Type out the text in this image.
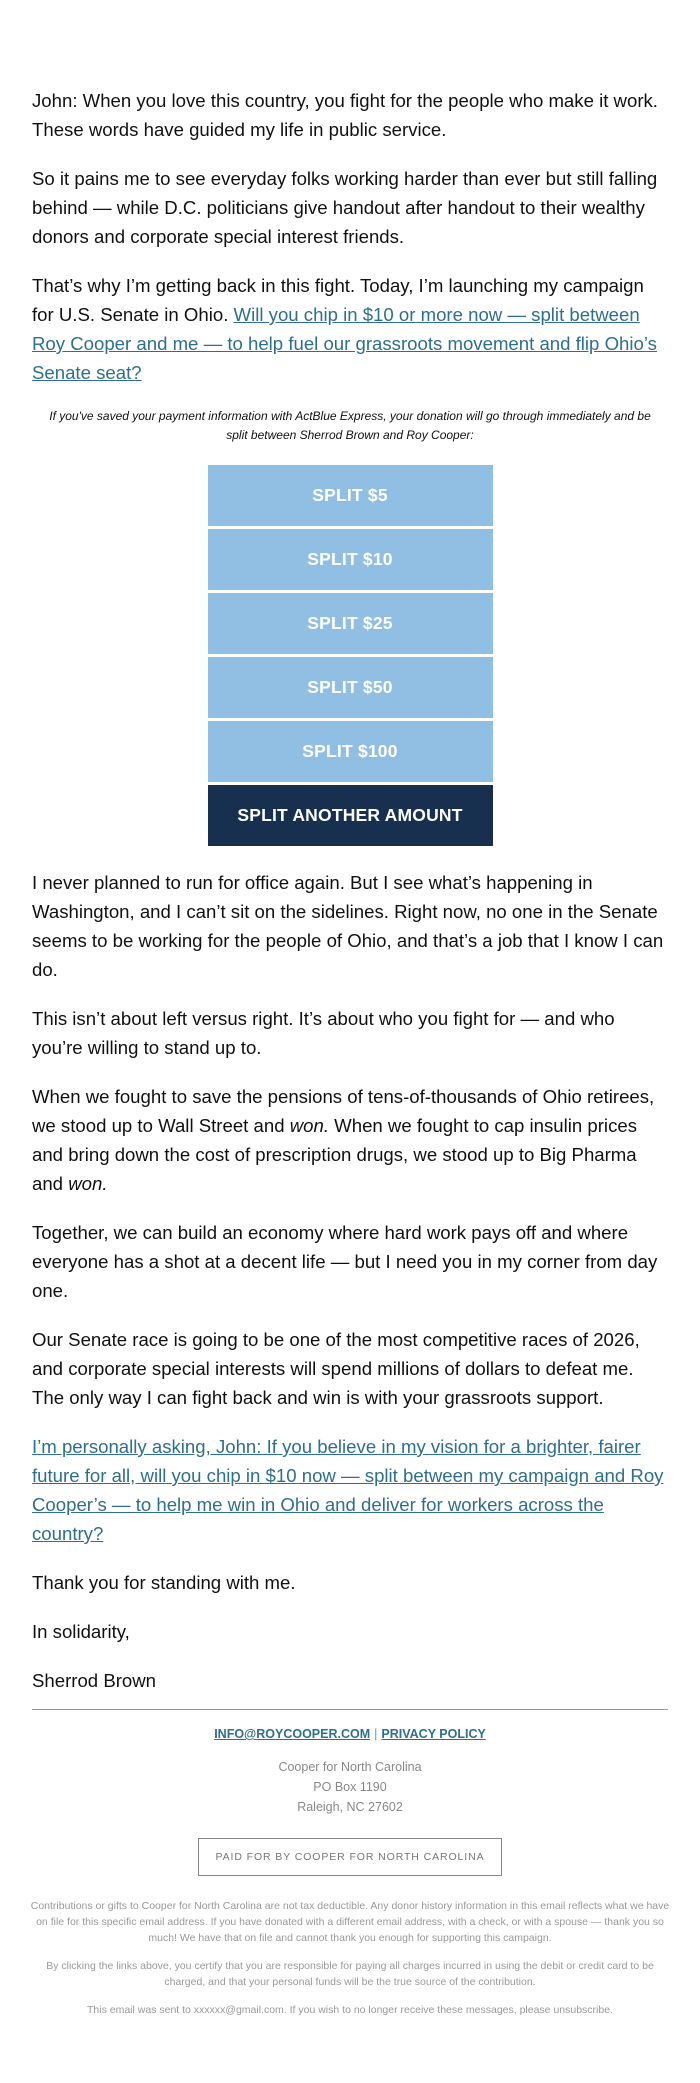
John: When you love this country, you fight for the people who make it work. These words have guided my life in public service.

So it pains me to see everyday folks working harder than ever but still falling behind — while D.C. politicians give handout after handout to their wealthy donors and corporate special interest friends.

That’s why I’m getting back in this fight. Today, I’m launching my campaign for U.S. Senate in Ohio. Will you chip in $10 or more now — split between Roy Cooper and me — to help fuel our grassroots movement and flip Ohio’s Senate seat?

If you've saved your payment information with ActBlue Express, your donation will go through immediately and be split between Sherrod Brown and Roy Cooper:
SPLIT $5
SPLIT $10
SPLIT $25
SPLIT $50
SPLIT $100
SPLIT ANOTHER AMOUNT

I never planned to run for office again. But I see what’s happening in Washington, and I can’t sit on the sidelines. Right now, no one in the Senate seems to be working for the people of Ohio, and that’s a job that I know I can do.

This isn’t about left versus right. It’s about who you fight for — and who you’re willing to stand up to.

When we fought to save the pensions of tens-of-thousands of Ohio retirees, we stood up to Wall Street and won. When we fought to cap insulin prices and bring down the cost of prescription drugs, we stood up to Big Pharma and won.

Together, we can build an economy where hard work pays off and where everyone has a shot at a decent life — but I need you in my corner from day one.

Our Senate race is going to be one of the most competitive races of 2026, and corporate special interests will spend millions of dollars to defeat me. The only way I can fight back and win is with your grassroots support.

I’m personally asking, John: If you believe in my vision for a brighter, fairer future for all, will you chip in $10 now — split between my campaign and Roy Cooper’s — to help me win in Ohio and deliver for workers across the country?

Thank you for standing with me.

In solidarity,

Sherrod Brown

INFO@ROYCOOPER.COM | PRIVACY POLICY
Cooper for North Carolina
PO Box 1190
Raleigh, NC 27602
PAID FOR BY COOPER FOR NORTH CAROLINA

Contributions or gifts to Cooper for North Carolina are not tax deductible. Any donor history information in this email reflects what we have on file for this specific email address. If you have donated with a different email address, with a check, or with a spouse — thank you so much! We have that on file and cannot thank you enough for supporting this campaign.

By clicking the links above, you certify that you are responsible for paying all charges incurred in using the debit or credit card to be charged, and that your personal funds will be the true source of the contribution.

This email was sent to xxxxxx@gmail.com. If you wish to no longer receive these messages, please unsubscribe.
